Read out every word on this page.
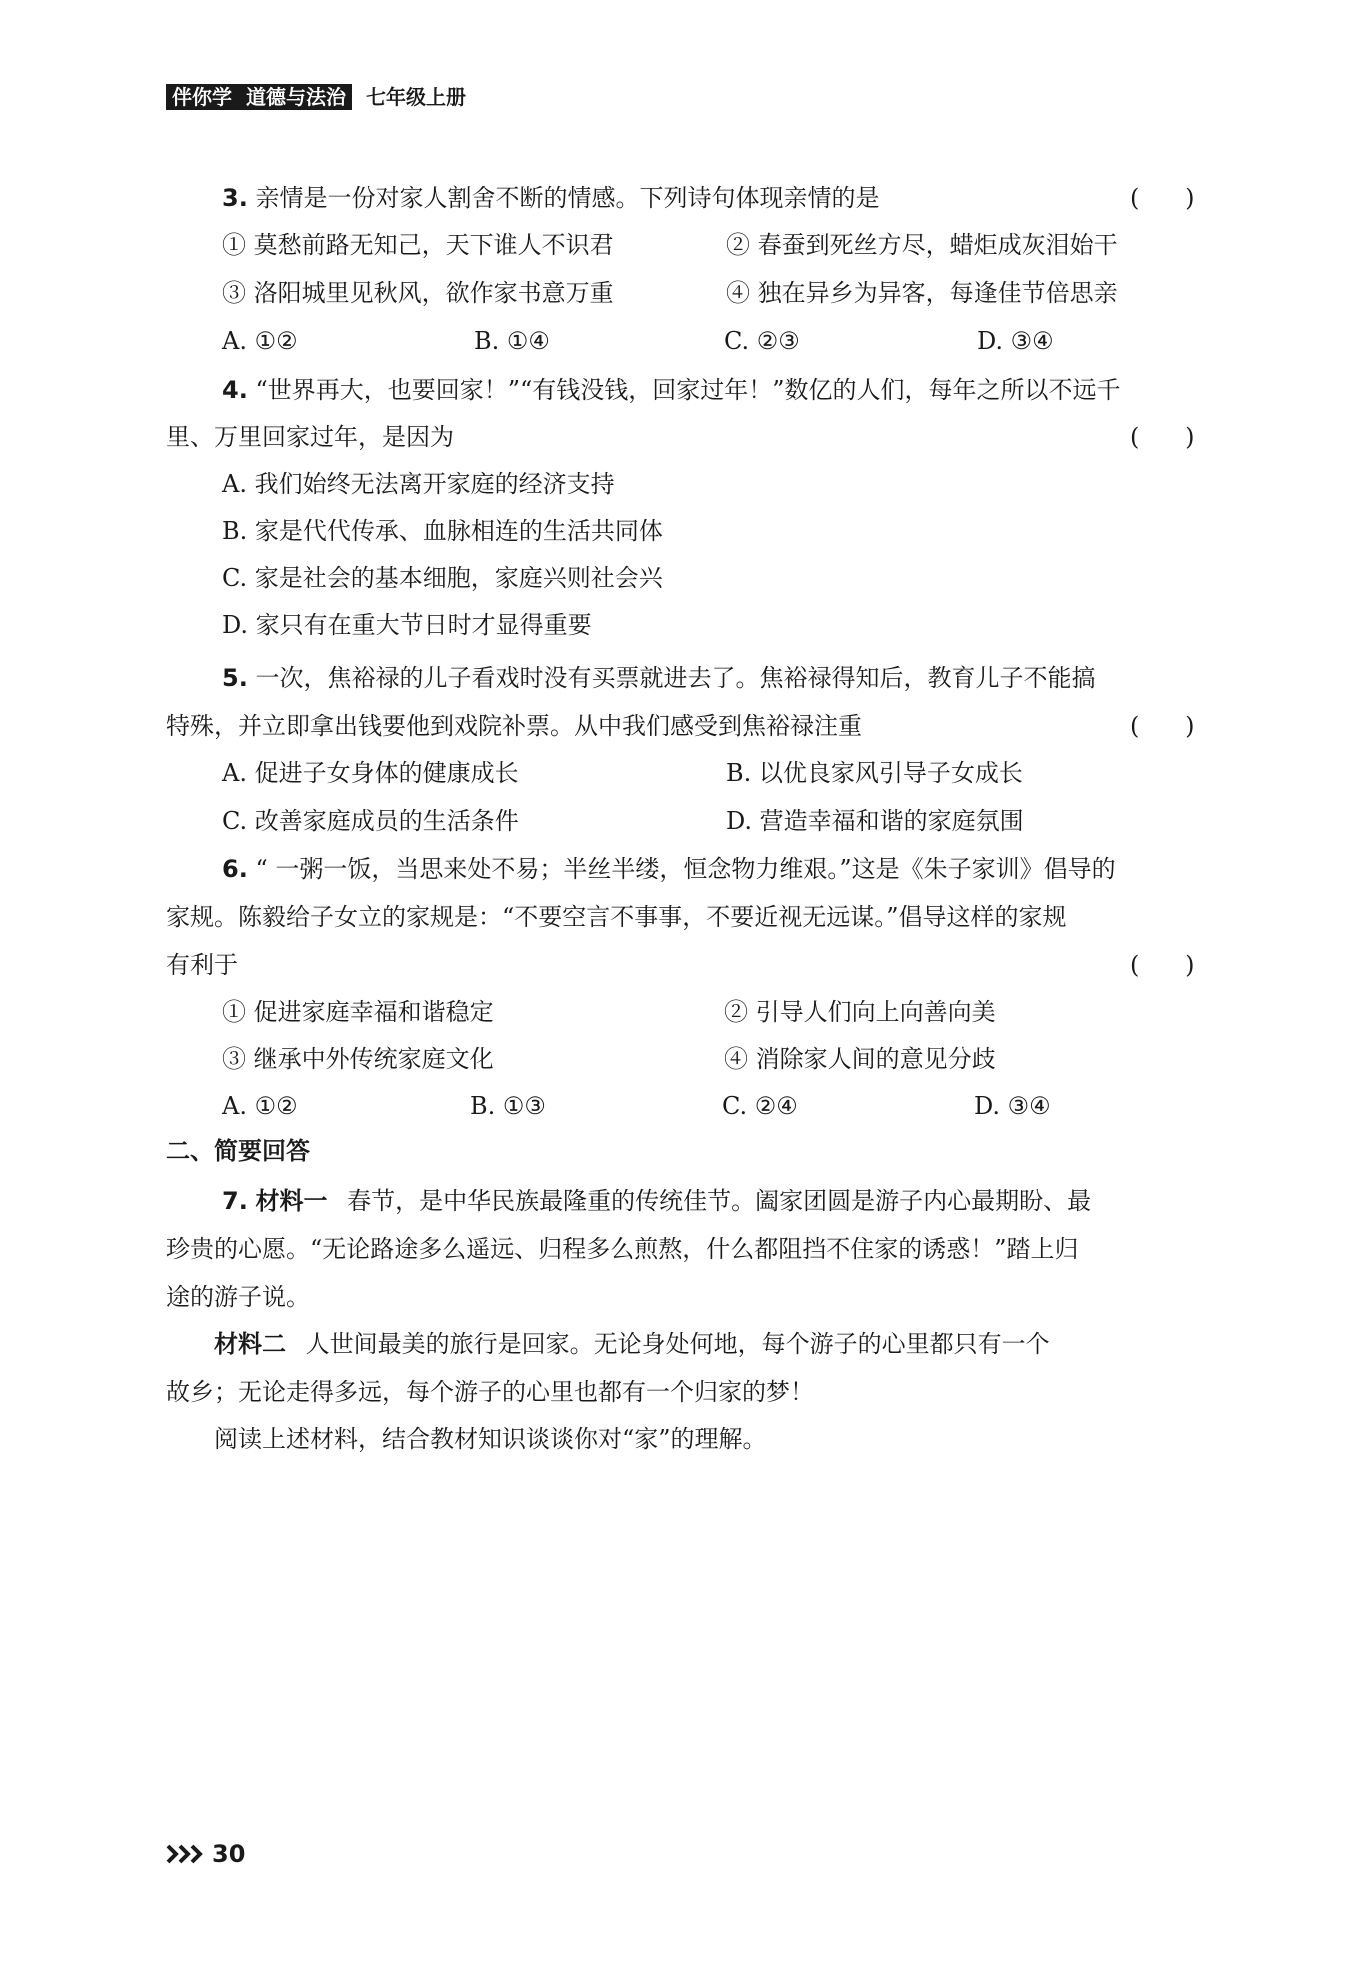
伴你学 道德与法治 七年级上册
3. 亲情是一份对家人割舍不断的情感。下列诗句体现亲情的是	(      )
① 莫愁前路无知己，天下谁人不识君	② 春蚕到死丝方尽，蜡炬成灰泪始干
③ 洛阳城里见秋风，欲作家书意万重	④ 独在异乡为异客，每逢佳节倍思亲
A. ①②	B. ①④	C. ②③	D. ③④
4. “世界再大，也要回家！”“有钱没钱，回家过年！”数亿的人们，每年之所以不远千
里、万里回家过年，是因为	(      )
A. 我们始终无法离开家庭的经济支持
B. 家是代代传承、血脉相连的生活共同体
C. 家是社会的基本细胞，家庭兴则社会兴
D. 家只有在重大节日时才显得重要
5. 一次，焦裕禄的儿子看戏时没有买票就进去了。焦裕禄得知后，教育儿子不能搞
特殊，并立即拿出钱要他到戏院补票。从中我们感受到焦裕禄注重	(      )
A. 促进子女身体的健康成长	B. 以优良家风引导子女成长
C. 改善家庭成员的生活条件	D. 营造幸福和谐的家庭氛围
6. “ 一粥一饭，当思来处不易；半丝半缕，恒念物力维艰。”这是《朱子家训》倡导的
家规。陈毅给子女立的家规是：“不要空言不事事，不要近视无远谋。”倡导这样的家规
有利于	(      )
① 促进家庭幸福和谐稳定	② 引导人们向上向善向美
③ 继承中外传统家庭文化	④ 消除家人间的意见分歧
A. ①②	B. ①③	C. ②④	D. ③④
二、简要回答
7. 材料一 春节，是中华民族最隆重的传统佳节。阖家团圆是游子内心最期盼、最
珍贵的心愿。“无论路途多么遥远、归程多么煎熬，什么都阻挡不住家的诱惑！”踏上归
途的游子说。
材料二 人世间最美的旅行是回家。无论身处何地，每个游子的心里都只有一个
故乡；无论走得多远，每个游子的心里也都有一个归家的梦！
阅读上述材料，结合教材知识谈谈你对“家”的理解。
30
